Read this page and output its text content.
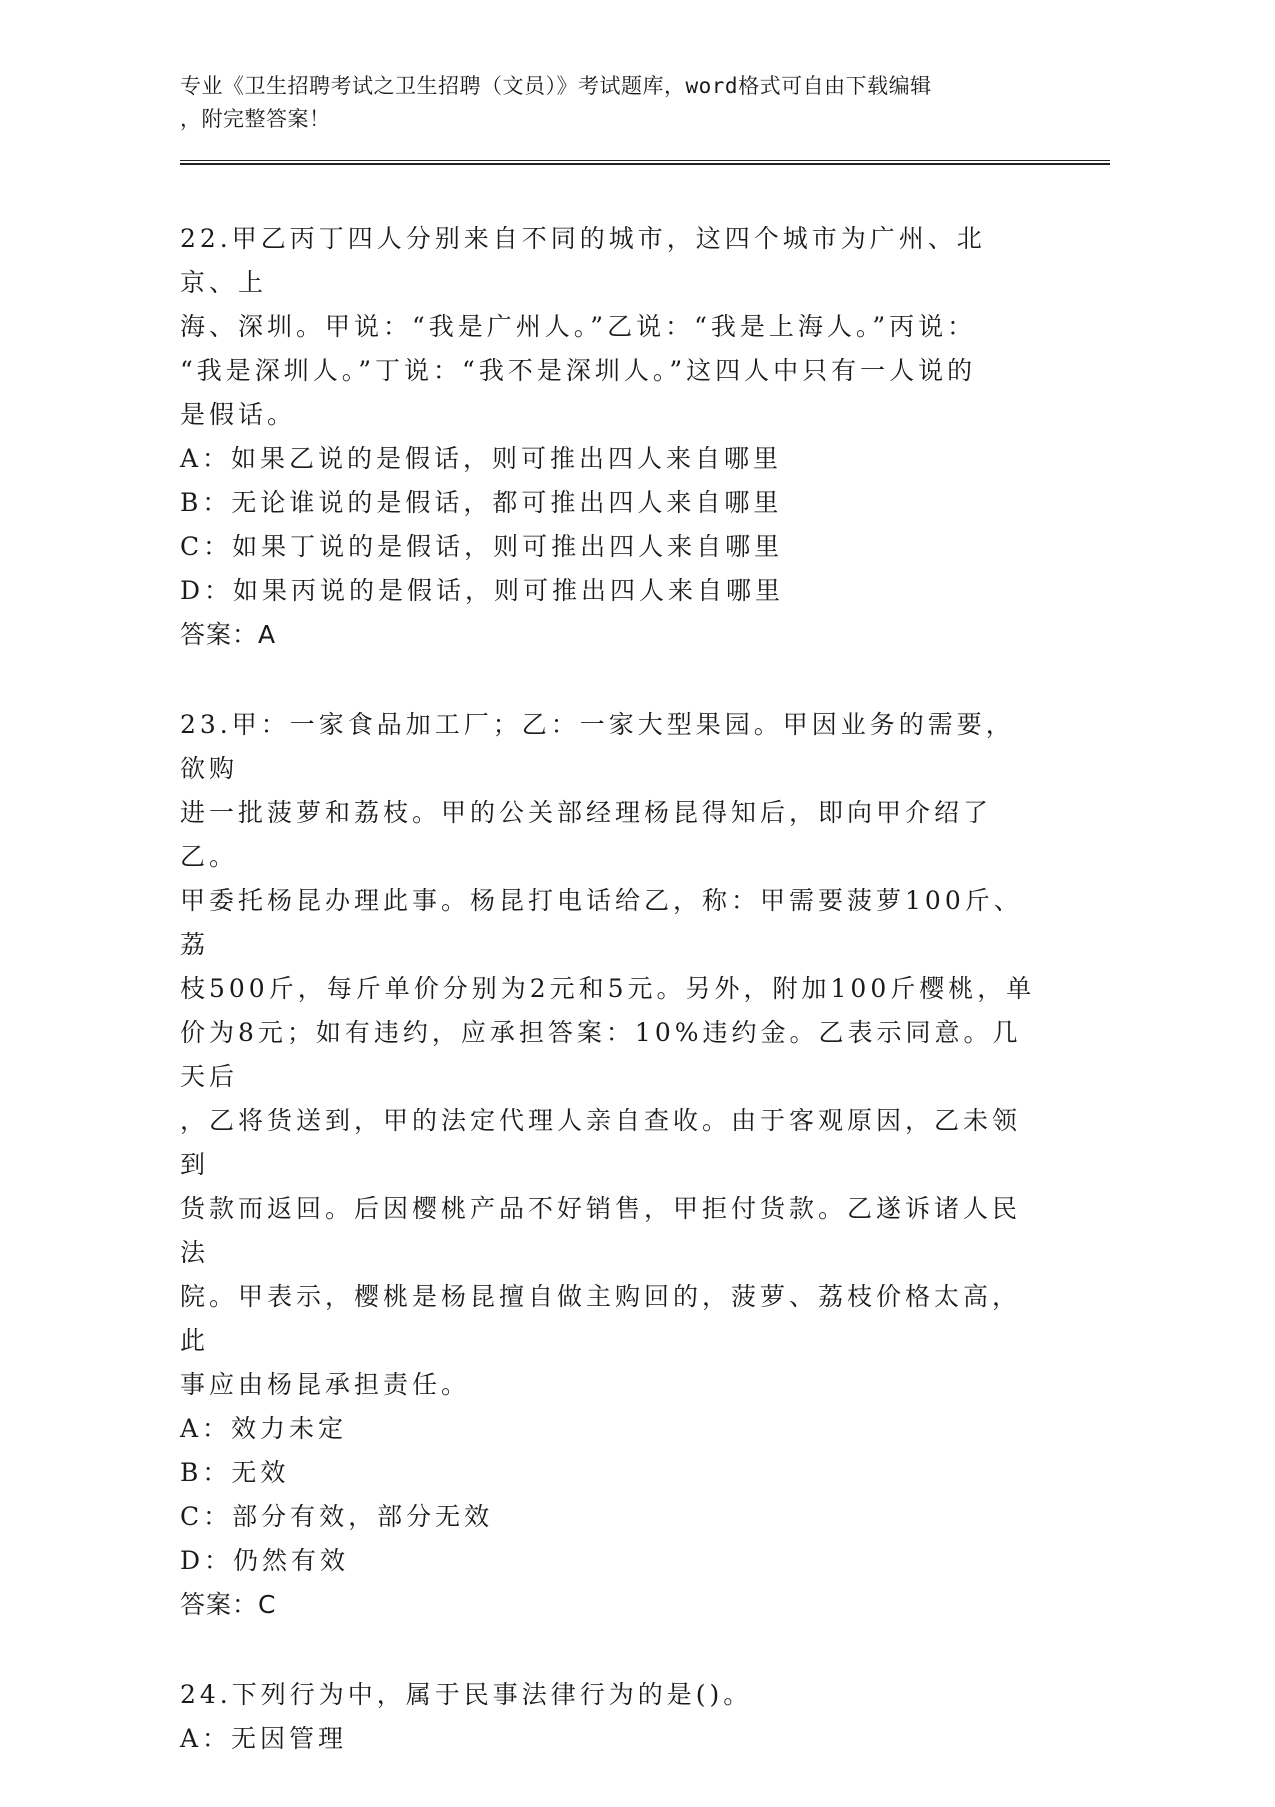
专业《卫生招聘考试之卫生招聘（文员）》考试题库，word格式可自由下载编辑
，附完整答案！
22.甲乙丙丁四人分别来自不同的城市，这四个城市为广州、北京、上
海、深圳。甲说：“我是广州人。”乙说：“我是上海人。”丙说：
“我是深圳人。”丁说：“我不是深圳人。”这四人中只有一人说的
是假话。
A：如果乙说的是假话，则可推出四人来自哪里
B：无论谁说的是假话，都可推出四人来自哪里
C：如果丁说的是假话，则可推出四人来自哪里
D：如果丙说的是假话，则可推出四人来自哪里
答案：A
23.甲：一家食品加工厂；乙：一家大型果园。甲因业务的需要，欲购
进一批菠萝和荔枝。甲的公关部经理杨昆得知后，即向甲介绍了乙。
甲委托杨昆办理此事。杨昆打电话给乙，称：甲需要菠萝100斤、荔
枝500斤，每斤单价分别为2元和5元。另外，附加100斤樱桃，单
价为8元；如有违约，应承担答案：10%违约金。乙表示同意。几天后
，乙将货送到，甲的法定代理人亲自查收。由于客观原因，乙未领到
货款而返回。后因樱桃产品不好销售，甲拒付货款。乙遂诉诸人民法
院。甲表示，樱桃是杨昆擅自做主购回的，菠萝、荔枝价格太高，此
事应由杨昆承担责任。
A：效力未定
B：无效
C：部分有效，部分无效
D：仍然有效
答案：C
24.下列行为中，属于民事法律行为的是()。
A：无因管理
